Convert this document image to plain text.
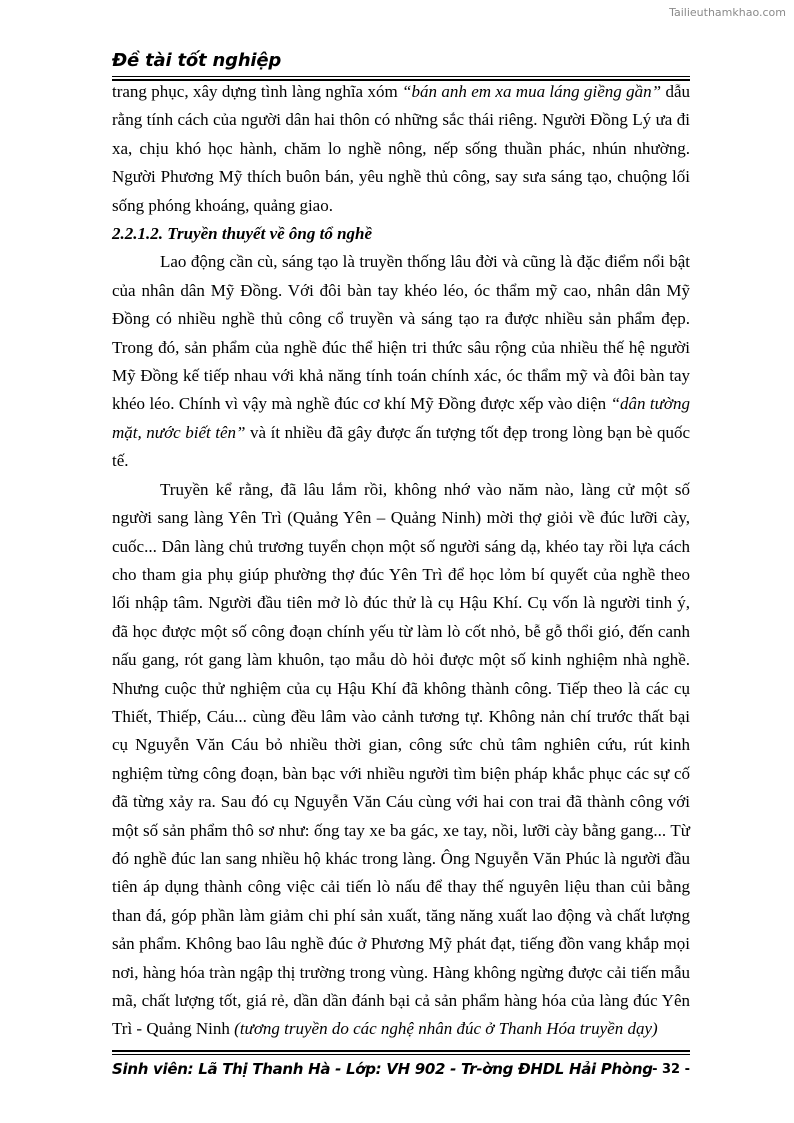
Tailieuthamkhao.com
Đề tài tốt nghiệp

trang phục, xây dựng tình làng nghĩa xóm “bán anh em xa mua láng giềng gần” dẫu rằng tính cách của người dân hai thôn có những sắc thái riêng. Người Đồng Lý ưa đi xa, chịu khó học hành, chăm lo nghề nông, nếp sống thuần phác, nhún nhường. Người Phương Mỹ thích buôn bán, yêu nghề thủ công, say sưa sáng tạo, chuộng lối sống phóng khoáng, quảng giao.

2.2.1.2. Truyền thuyết về ông tổ nghề

Lao động cần cù, sáng tạo là truyền thống lâu đời và cũng là đặc điểm nổi bật của nhân dân Mỹ Đồng. Với đôi bàn tay khéo léo, óc thẩm mỹ cao, nhân dân Mỹ Đồng có nhiều nghề thủ công cổ truyền và sáng tạo ra được nhiều sản phẩm đẹp. Trong đó, sản phẩm của nghề đúc thể hiện tri thức sâu rộng của nhiều thế hệ người Mỹ Đồng kế tiếp nhau với khả năng tính toán chính xác, óc thẩm mỹ và đôi bàn tay khéo léo. Chính vì vậy mà nghề đúc cơ khí Mỹ Đồng được xếp vào diện “dân tường mặt, nước biết tên” và ít nhiều đã gây được ấn tượng tốt đẹp trong lòng bạn bè quốc tế.

Truyền kể rằng, đã lâu lắm rồi, không nhớ vào năm nào, làng cử một số người sang làng Yên Trì (Quảng Yên – Quảng Ninh) mời thợ giỏi về đúc lưỡi cày, cuốc... Dân làng chủ trương tuyển chọn một số người sáng dạ, khéo tay rồi lựa cách cho tham gia phụ giúp phường thợ đúc Yên Trì để học lỏm bí quyết của nghề theo lối nhập tâm. Người đầu tiên mở lò đúc thử là cụ Hậu Khí. Cụ vốn là người tinh ý, đã học được một số công đoạn chính yếu từ làm lò cốt nhỏ, bễ gỗ thổi gió, đến canh nấu gang, rót gang làm khuôn, tạo mẫu dò hỏi được một số kinh nghiệm nhà nghề. Nhưng cuộc thử nghiệm của cụ Hậu Khí đã không thành công. Tiếp theo là các cụ Thiết, Thiếp, Cáu... cùng đều lâm vào cảnh tương tự. Không nản chí trước thất bại cụ Nguyễn Văn Cáu bỏ nhiều thời gian, công sức chủ tâm nghiên cứu, rút kinh nghiệm từng công đoạn, bàn bạc với nhiều người tìm biện pháp khắc phục các sự cố đã từng xảy ra. Sau đó cụ Nguyễn Văn Cáu cùng với hai con trai đã thành công với một số sản phẩm thô sơ như: ống tay xe ba gác, xe tay, nồi, lưỡi cày bằng gang... Từ đó nghề đúc lan sang nhiều hộ khác trong làng. Ông Nguyễn Văn Phúc là người đầu tiên áp dụng thành công việc cải tiến lò nấu để thay thế nguyên liệu than củi bằng than đá, góp phần làm giảm chi phí sản xuất, tăng năng xuất lao động và chất lượng sản phẩm. Không bao lâu nghề đúc ở Phương Mỹ phát đạt, tiếng đồn vang khắp mọi nơi, hàng hóa tràn ngập thị trường trong vùng. Hàng không ngừng được cải tiến mẫu mã, chất lượng tốt, giá rẻ, dần dần đánh bại cả sản phẩm hàng hóa của làng đúc Yên Trì - Quảng Ninh (tương truyền do các nghệ nhân đúc ở Thanh Hóa truyền dạy)

Sinh viên: Lã Thị Thanh Hà - Lớp: VH 902 - Tr-ờng ĐHDL Hải Phòng - 32 -
